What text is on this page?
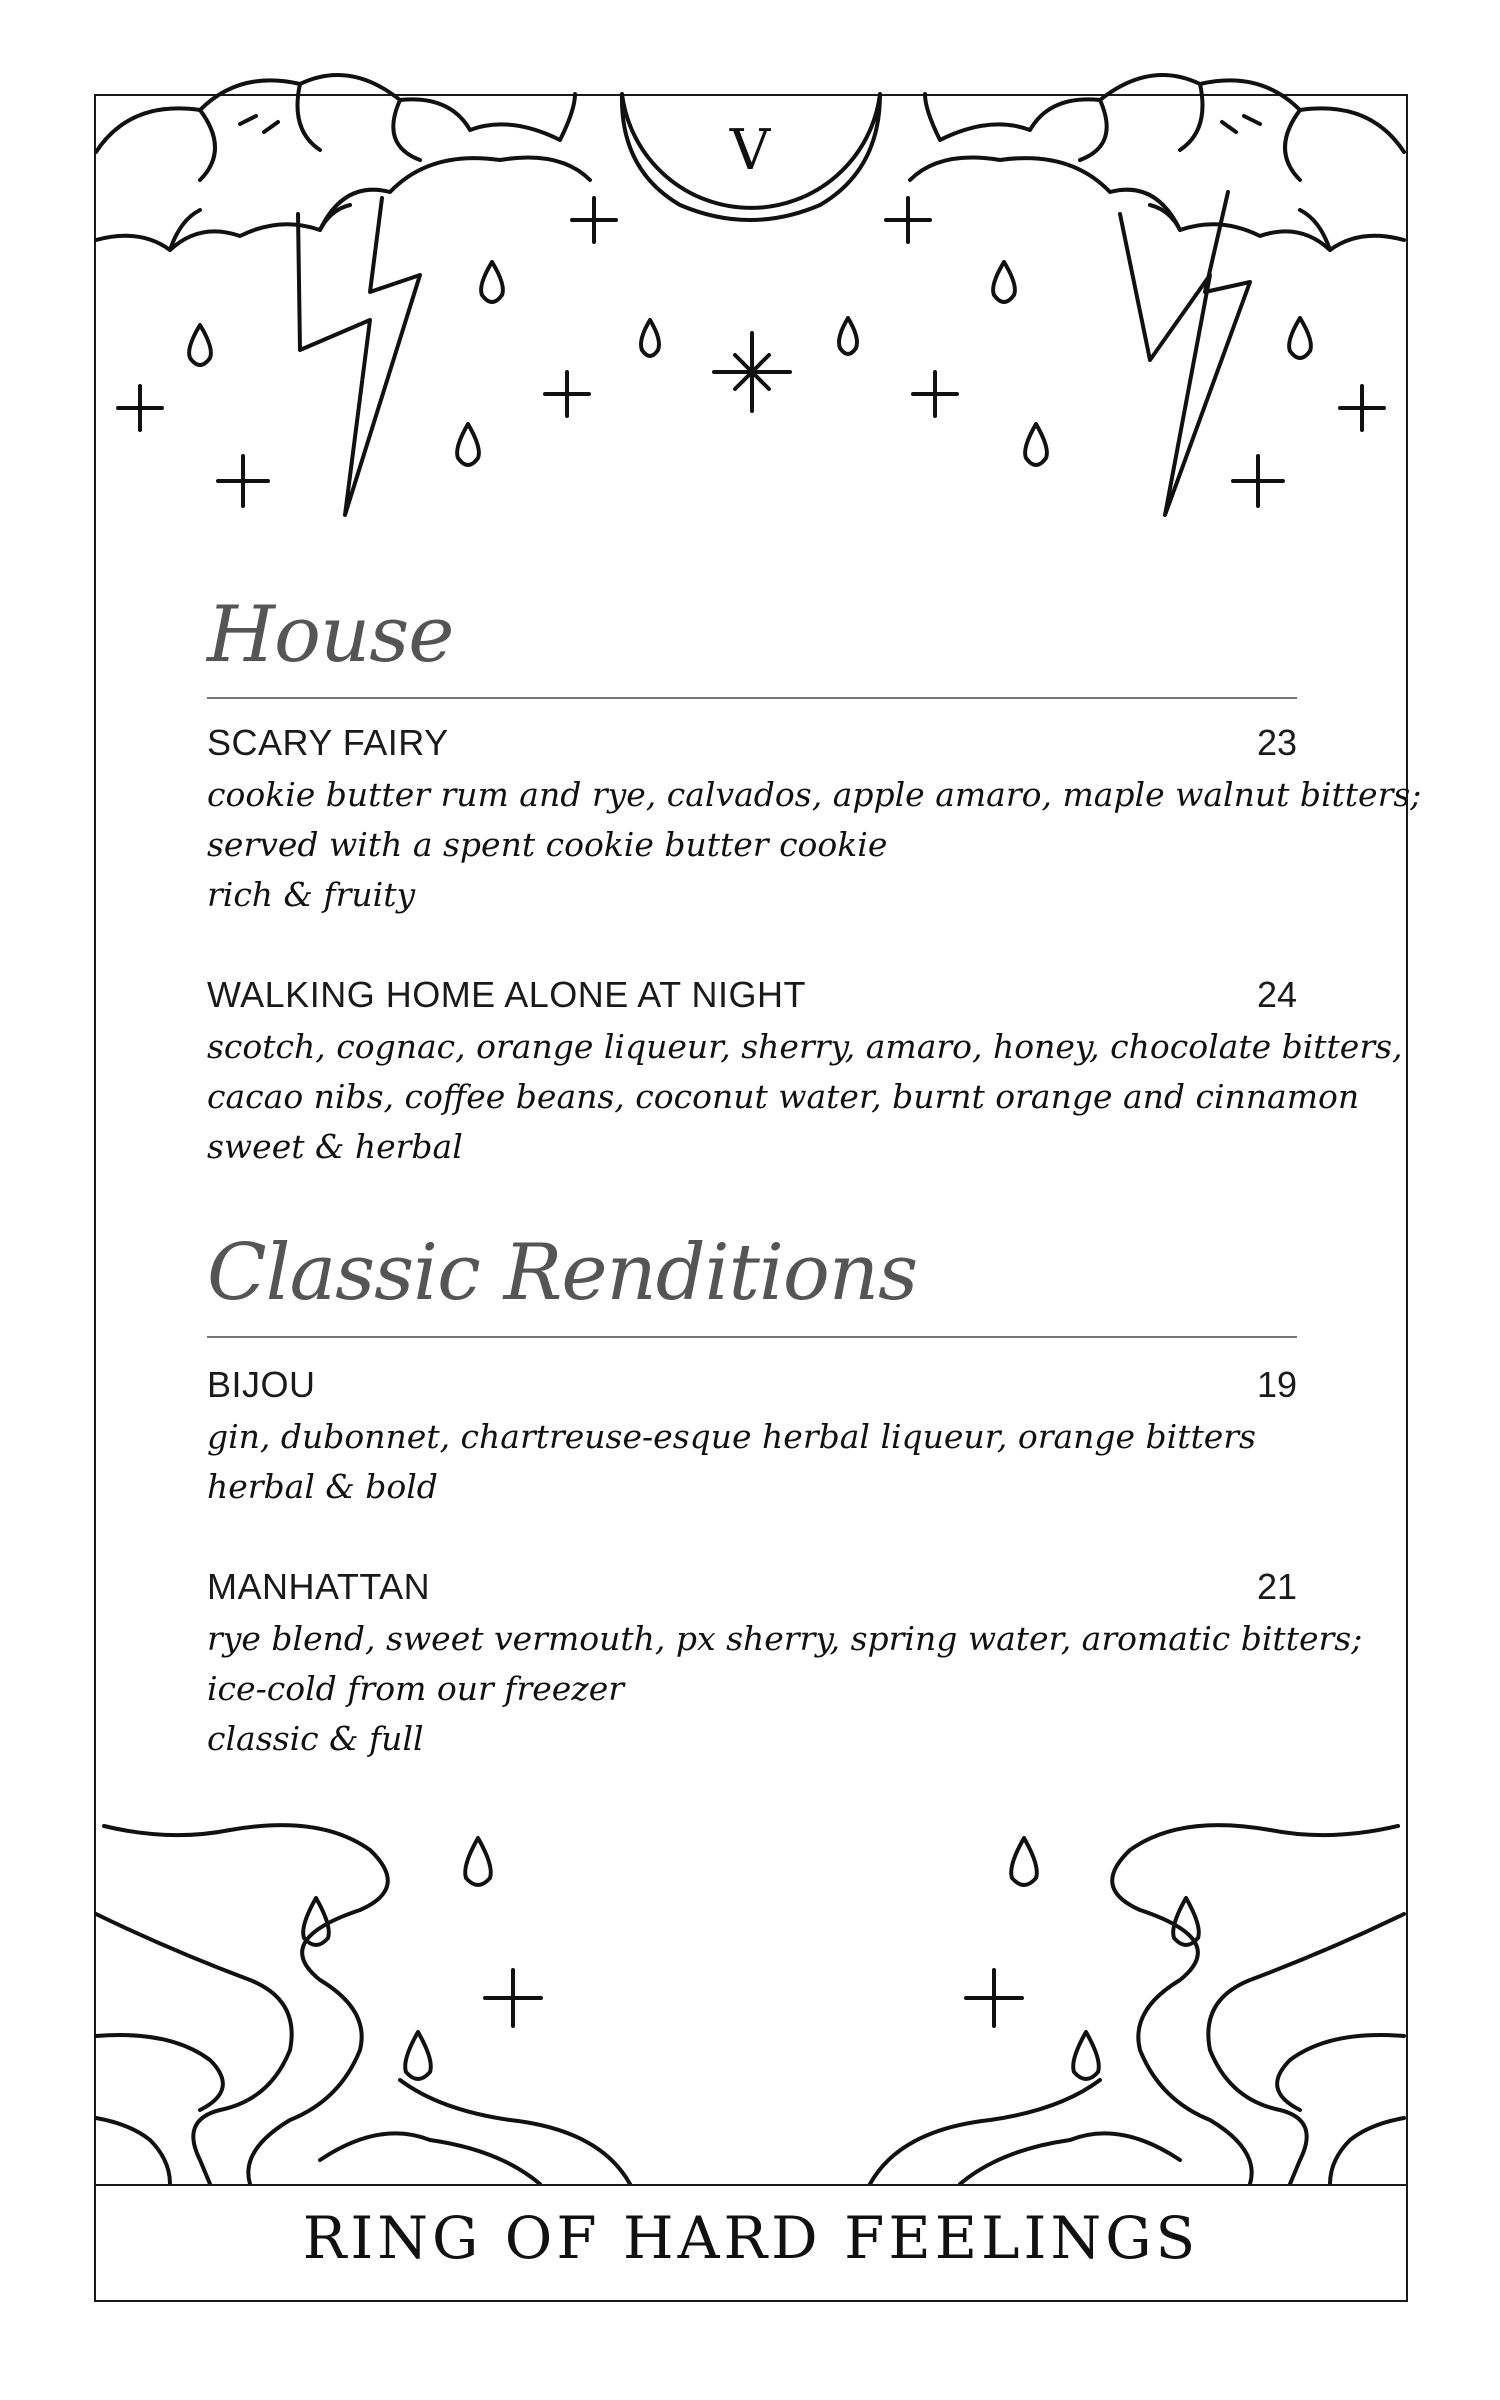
V
House
SCARY FAIRY	23
cookie butter rum and rye, calvados, apple amaro, maple walnut bitters;
served with a spent cookie butter cookie
rich & fruity
WALKING HOME ALONE AT NIGHT	24
scotch, cognac, orange liqueur, sherry, amaro, honey, chocolate bitters,
cacao nibs, coffee beans, coconut water, burnt orange and cinnamon
sweet & herbal
Classic Renditions
BIJOU	19
gin, dubonnet, chartreuse-esque herbal liqueur, orange bitters
herbal & bold
MANHATTAN	21
rye blend, sweet vermouth, px sherry, spring water, aromatic bitters;
ice-cold from our freezer
classic & full
RING OF HARD FEELINGS
